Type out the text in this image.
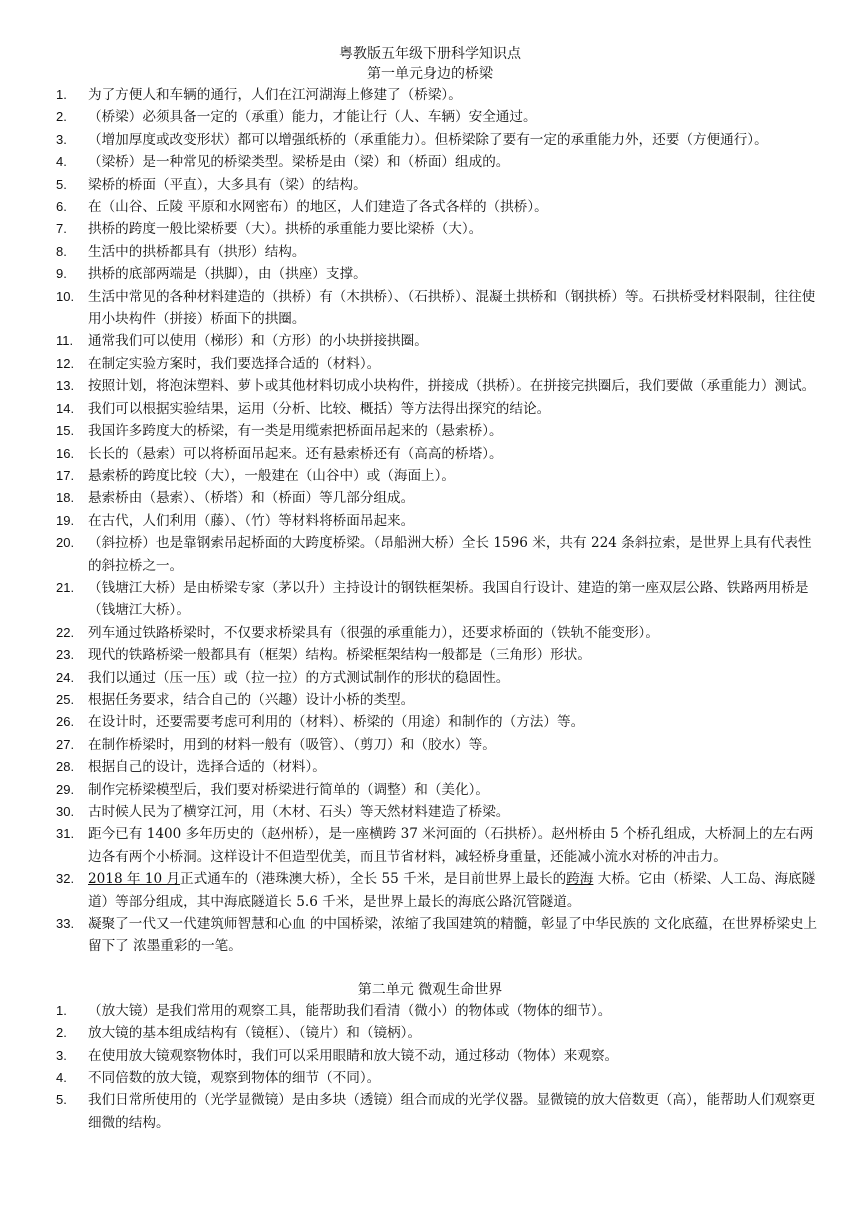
粤教版五年级下册科学知识点

第一单元身边的桥梁

1 .	为了方便人和车辆的通行，人们在江河湖海上修建了（桥梁）。
2 .	（桥梁）必须具备一定的（承重）能力，才能让行（人、车辆）安全通过。
3 .	（增加厚度或改变形状）都可以增强纸桥的（承重能力）。但桥梁除了要有一定的承重能力外，还要（方便通行）。
4 .	（梁桥）是一种常见的桥梁类型。梁桥是由（梁）和（桥面）组成的。
5 .	梁桥的桥面（平直），大多具有（梁）的结构。
6 .	在（山谷、丘陵 平原和水网密布）的地区，人们建造了各式各样的（拱桥）。
7 .	拱桥的跨度一般比梁桥要（大）。拱桥的承重能力要比梁桥（大）。
8 .	生活中的拱桥都具有（拱形）结构。
9 .	拱桥的底部两端是（拱脚），由（拱座）支撑。
10 .	生活中常见的各种材料建造的（拱桥）有（木拱桥）、（石拱桥）、混凝土拱桥和（钢拱桥）等。石拱桥受材料限制，往往使用小块构件（拼接）桥面下的拱圈。
11 .	通常我们可以使用（梯形）和（方形）的小块拼接拱圈。
12 .	在制定实验方案时，我们要选择合适的（材料）。
13 .	按照计划，将泡沫塑料、萝卜或其他材料切成小块构件，拼接成（拱桥）。在拼接完拱圈后，我们要做（承重能力）测试。
14 .	我们可以根据实验结果，运用（分析、比较、概括）等方法得出探究的结论。
15 .	我国许多跨度大的桥梁，有一类是用缆索把桥面吊起来的（悬索桥）。
16 .	长长的（悬索）可以将桥面吊起来。还有悬索桥还有（高高的桥塔）。
17 .	悬索桥的跨度比较（大），一般建在（山谷中）或（海面上）。
18 .	悬索桥由（悬索）、（桥塔）和（桥面）等几部分组成。
19 .	在古代，人们利用（藤）、（竹）等材料将桥面吊起来。
20 .	（斜拉桥）也是靠钢索吊起桥面的大跨度桥梁。（昂船洲大桥）全长 1596 米，共有 224 条斜拉索，是世界上具有代表性的斜拉桥之一。
21 .	（钱塘江大桥）是由桥梁专家（茅以升）主持设计的钢铁框架桥。我国自行设计、建造的第一座双层公路、铁路两用桥是（钱塘江大桥）。
22 .	列车通过铁路桥梁时，不仅要求桥梁具有（很强的承重能力），还要求桥面的（铁轨不能变形）。
23 .	现代的铁路桥梁一般都具有（框架）结构。桥梁框架结构一般都是（三角形）形状。
24 .	我们以通过（压一压）或（拉一拉）的方式测试制作的形状的稳固性。
25 .	根据任务要求，结合自己的（兴趣）设计小桥的类型。
26 .	在设计时，还要需要考虑可利用的（材料）、桥梁的（用途）和制作的（方法）等。
27 .	在制作桥梁时，用到的材料一般有（吸管）、（剪刀）和（胶水）等。
28 .	根据自己的设计，选择合适的（材料）。
29 .	制作完桥梁模型后，我们要对桥梁进行简单的（调整）和（美化）。
30 .	古时候人民为了横穿江河，用（木材、石头）等天然材料建造了桥梁。
31 .	距今已有 1400 多年历史的（赵州桥），是一座横跨 37 米河面的（石拱桥）。赵州桥由 5 个桥孔组成，大桥洞上的左右两边各有两个小桥洞。这样设计不但造型优美，而且节省材料，减轻桥身重量，还能减小流水对桥的冲击力。
32 .	2018 年 10 月正式通车的（港珠澳大桥），全长 55 千米，是目前世界上最长的跨海 大桥。它由（桥梁、人工岛、海底隧道）等部分组成，其中海底隧道长 5.6 千米，是世界上最长的海底公路沉管隧道。
33 .	凝聚了一代又一代建筑师智慧和心血 的中国桥梁，浓缩了我国建筑的精髓，彰显了中华民族的 文化底蕴，在世界桥梁史上留下了 浓墨重彩的一笔。

第二单元 微观生命世界

1 .	（放大镜）是我们常用的观察工具，能帮助我们看清（微小）的物体或（物体的细节）。
2 .	放大镜的基本组成结构有（镜框）、（镜片）和（镜柄）。
3 .	在使用放大镜观察物体时，我们可以采用眼睛和放大镜不动，通过移动（物体）来观察。
4 .	不同倍数的放大镜，观察到物体的细节（不同）。
5 .	我们日常所使用的（光学显微镜）是由多块（透镜）组合而成的光学仪器。显微镜的放大倍数更（高），能帮助人们观察更细微的结构。
